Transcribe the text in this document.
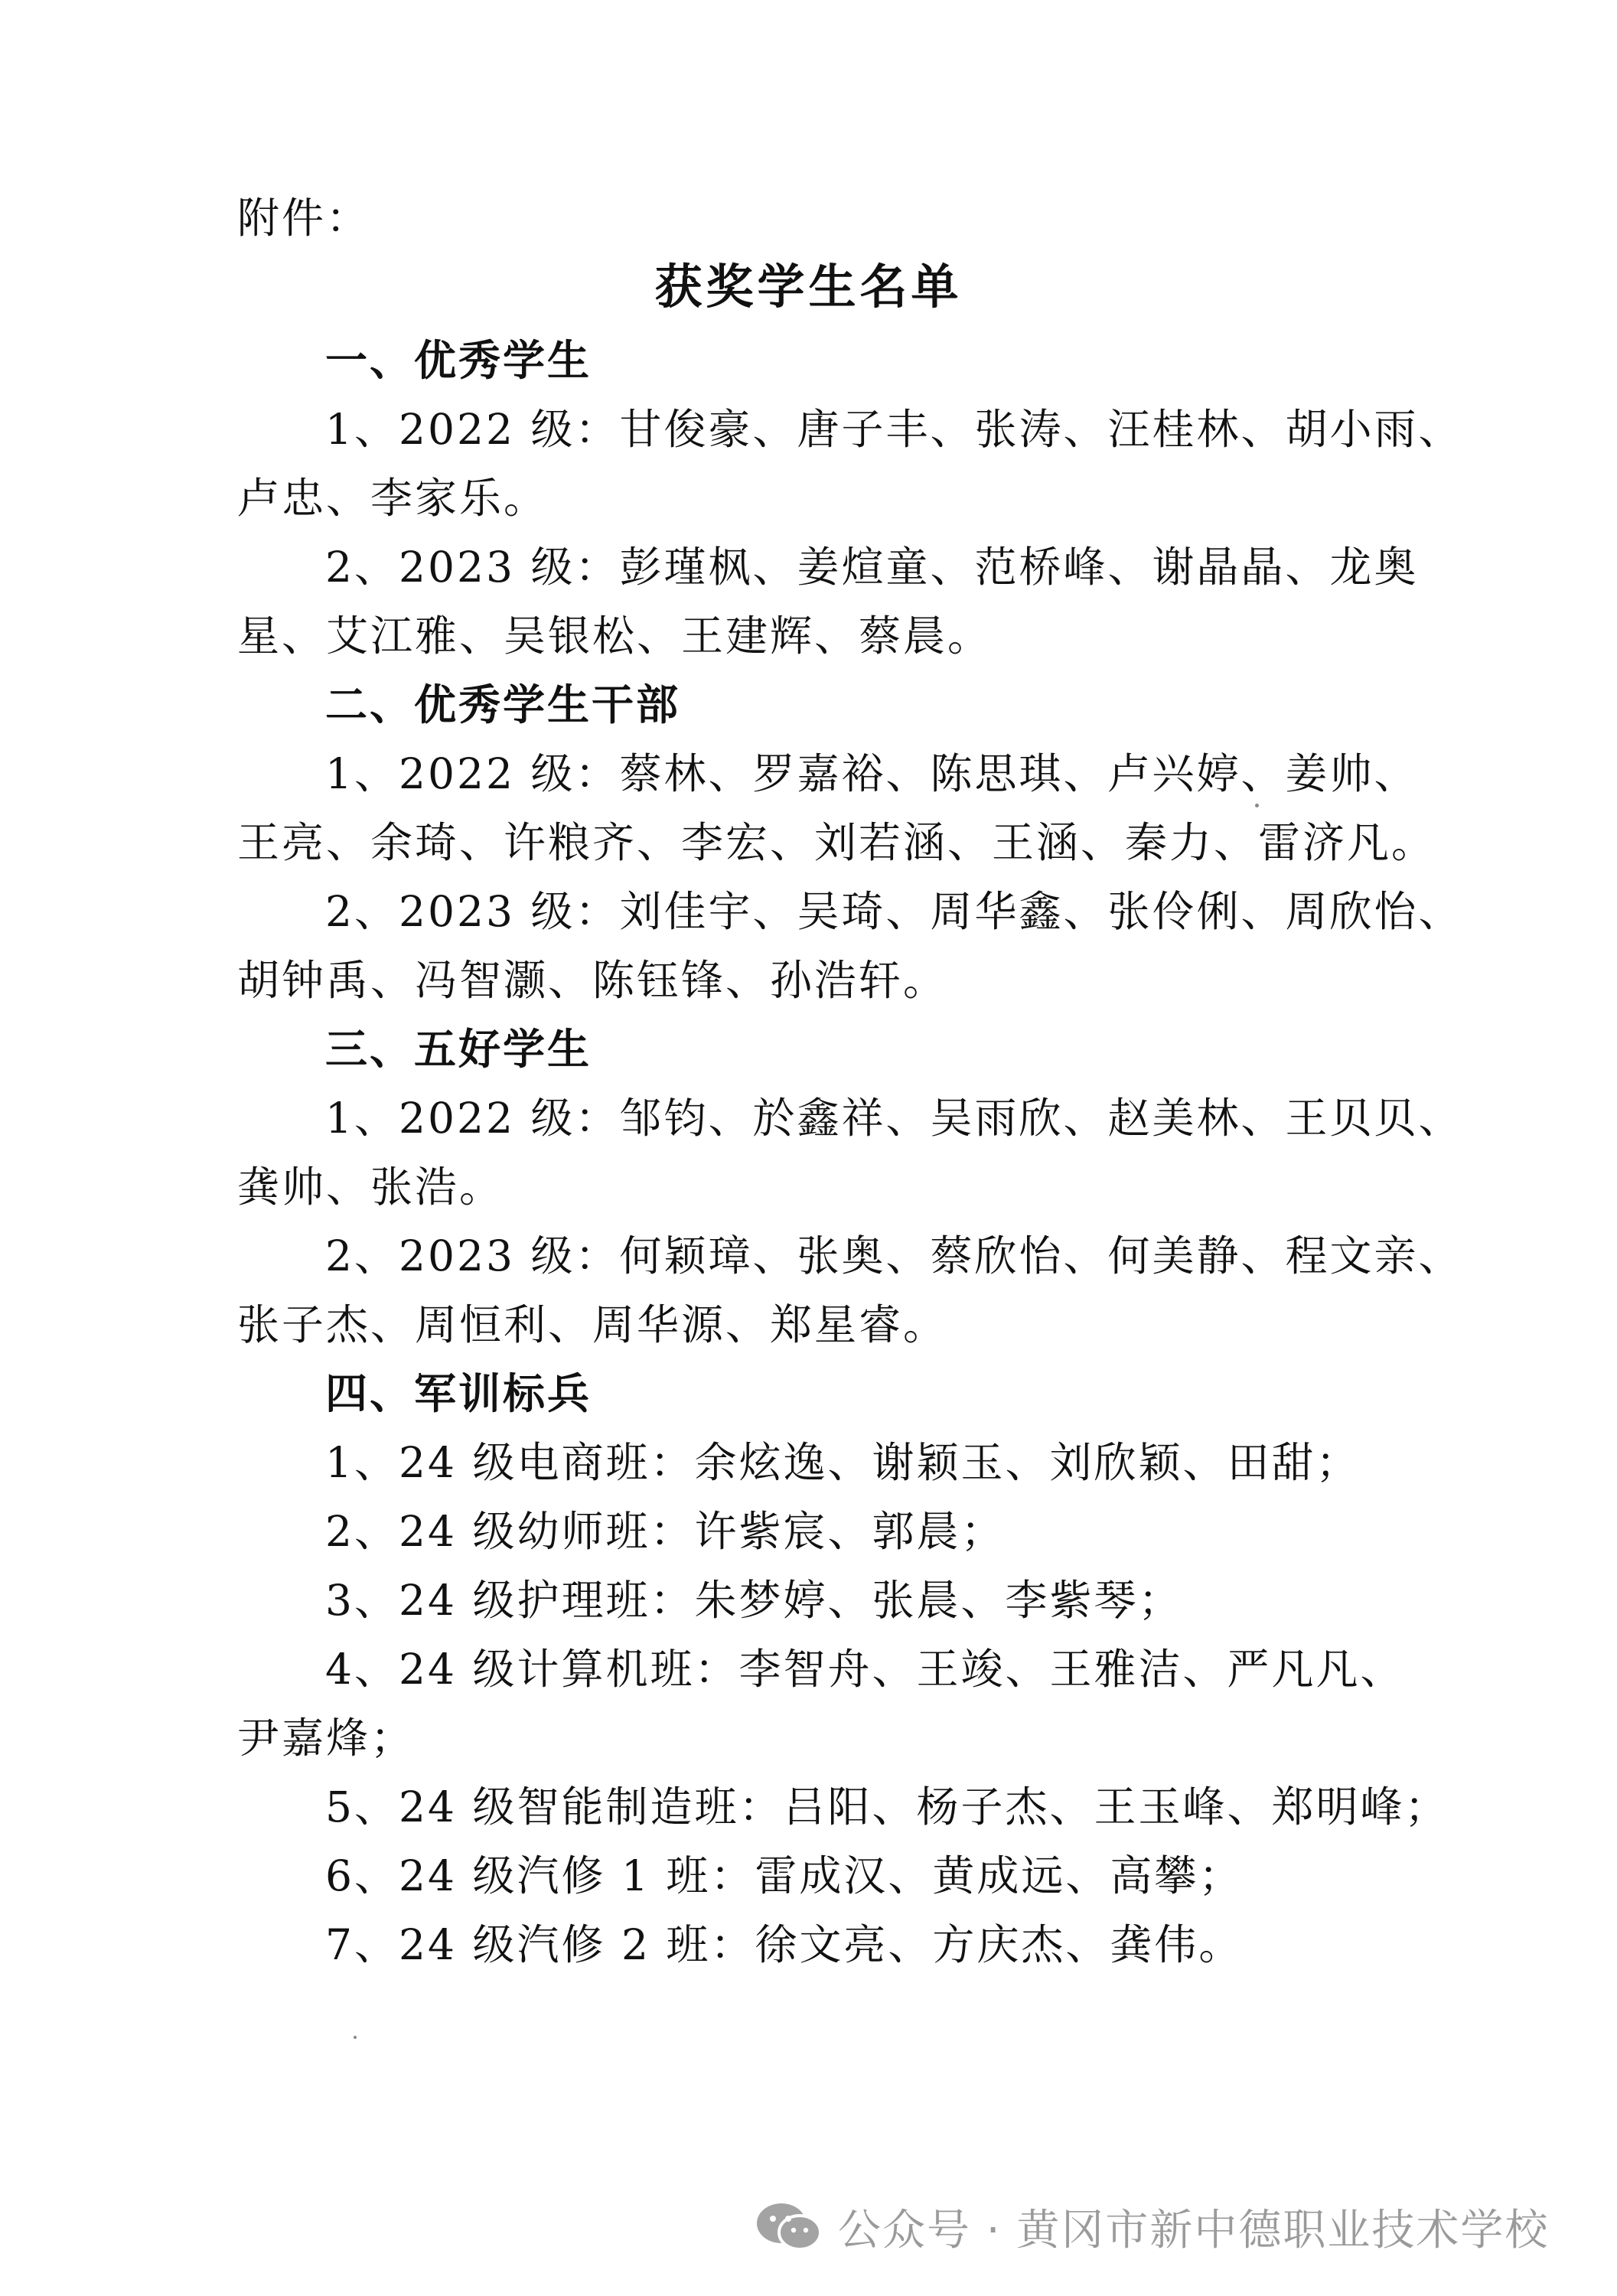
附件：
获奖学生名单
一、优秀学生
1、2022 级：甘俊豪、唐子丰、张涛、汪桂林、胡小雨、
卢忠、李家乐。
2、2023 级：彭瑾枫、姜煊童、范桥峰、谢晶晶、龙奥
星、艾江雅、吴银松、王建辉、蔡晨。
二、优秀学生干部
1、2022 级：蔡林、罗嘉裕、陈思琪、卢兴婷、姜帅、
王亮、余琦、许粮齐、李宏、刘若涵、王涵、秦力、雷济凡。
2、2023 级：刘佳宇、吴琦、周华鑫、张伶俐、周欣怡、
胡钟禹、冯智灏、陈钰锋、孙浩轩。
三、五好学生
1、2022 级：邹钧、於鑫祥、吴雨欣、赵美林、王贝贝、
龚帅、张浩。
2、2023 级：何颖璋、张奥、蔡欣怡、何美静、程文亲、
张子杰、周恒利、周华源、郑星睿。
四、军训标兵
1、24 级电商班：余炫逸、谢颖玉、刘欣颖、田甜；
2、24 级幼师班：许紫宸、郭晨；
3、24 级护理班：朱梦婷、张晨、李紫琴；
4、24 级计算机班：李智舟、王竣、王雅洁、严凡凡、
尹嘉烽；
5、24 级智能制造班：吕阳、杨子杰、王玉峰、郑明峰；
6、24 级汽修 1 班：雷成汉、黄成远、高攀；
7、24 级汽修 2 班：徐文亮、方庆杰、龚伟。
公众号 · 黄冈市新中德职业技术学校
